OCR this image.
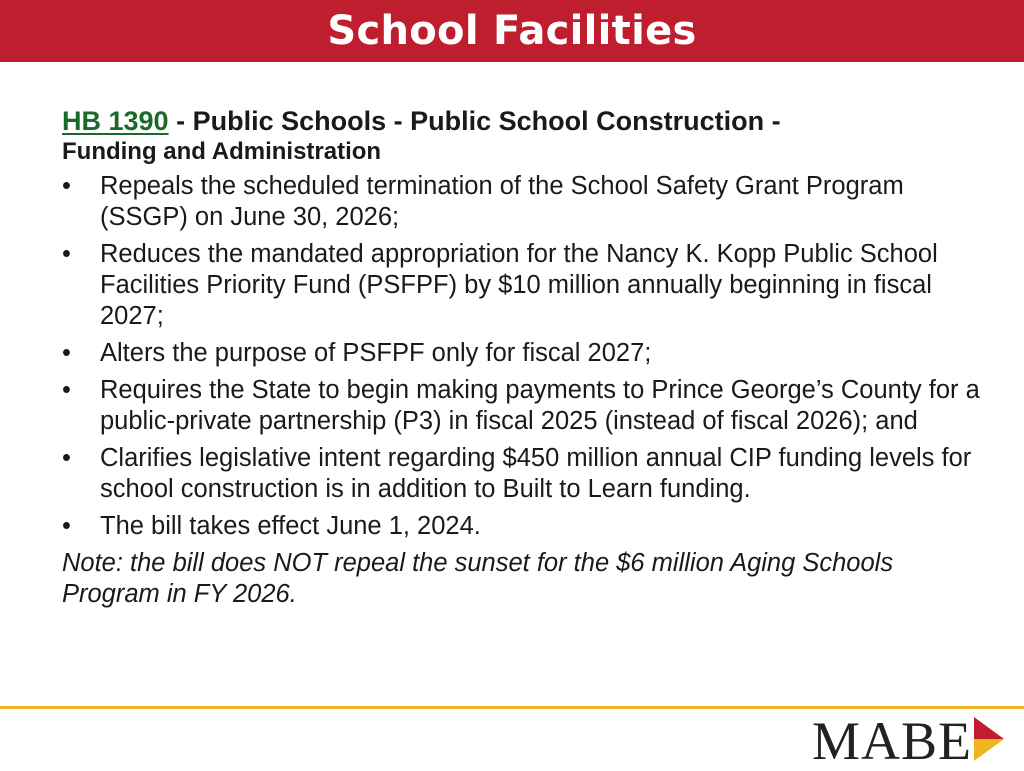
School Facilities
HB 1390 - Public Schools - Public School Construction -
Funding and Administration
•	Repeals the scheduled termination of the School Safety Grant Program (SSGP) on June 30, 2026;
•	Reduces the mandated appropriation for the Nancy K. Kopp Public School Facilities Priority Fund (PSFPF) by $10 million annually beginning in fiscal 2027;
•	Alters the purpose of PSFPF only for fiscal 2027;
•	Requires the State to begin making payments to Prince George’s County for a public-private partnership (P3) in fiscal 2025 (instead of fiscal 2026); and
•	Clarifies legislative intent regarding $450 million annual CIP funding levels for school construction is in addition to Built to Learn funding.
•	The bill takes effect June 1, 2024.
Note: the bill does NOT repeal the sunset for the $6 million Aging Schools Program in FY 2026.
MABE
